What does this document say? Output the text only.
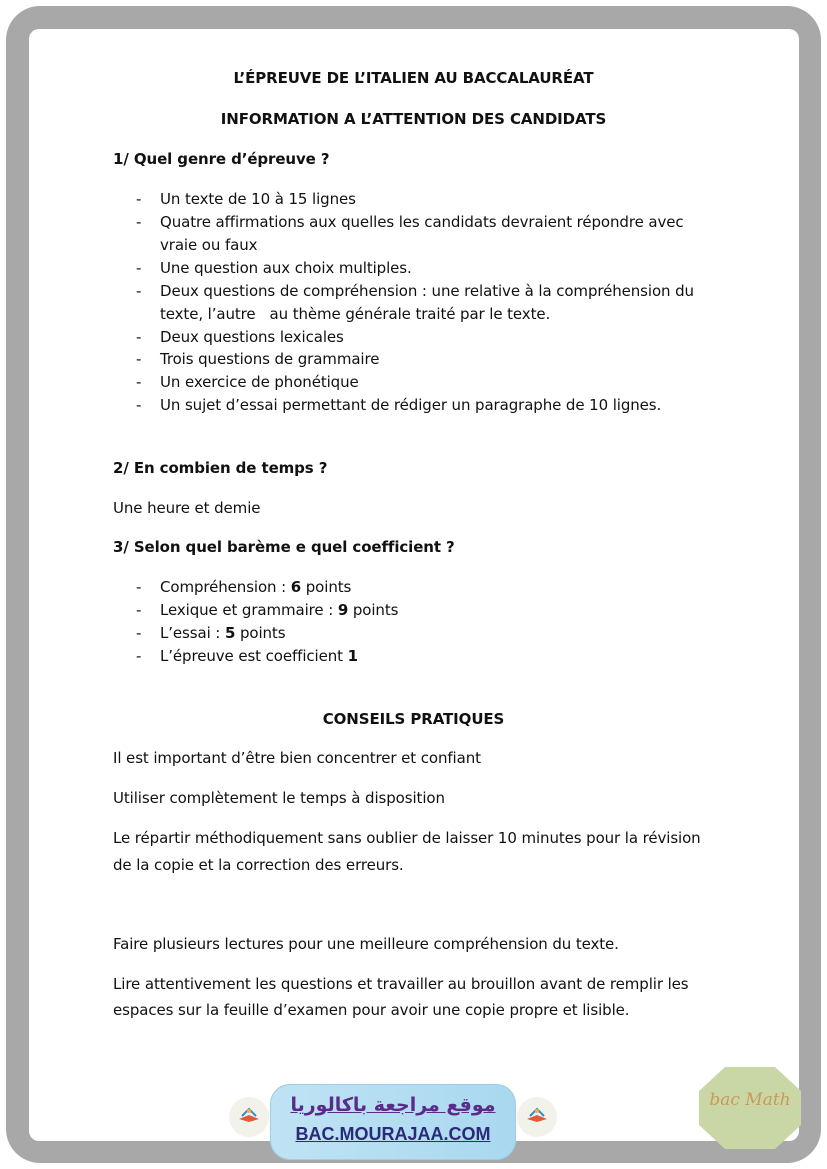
L’ÉPREUVE DE L’ITALIEN AU BACCALAURÉAT
INFORMATION A L’ATTENTION DES CANDIDATS
1/ Quel genre d’épreuve ?
- Un texte de 10 à 15 lignes
- Quatre affirmations aux quelles les candidats devraient répondre avec
vraie ou faux
- Une question aux choix multiples.
- Deux questions de compréhension : une relative à la compréhension du
texte, l’autre   au thème générale traité par le texte.
- Deux questions lexicales
- Trois questions de grammaire
- Un exercice de phonétique
- Un sujet d’essai permettant de rédiger un paragraphe de 10 lignes.
2/ En combien de temps ?
Une heure et demie
3/ Selon quel barème e quel coefficient ?
- Compréhension : 6 points
- Lexique et grammaire : 9 points
- L’essai : 5 points
- L’épreuve est coefficient 1
CONSEILS PRATIQUES
Il est important d’être bien concentrer et confiant
Utiliser complètement le temps à disposition
Le répartir méthodiquement sans oublier de laisser 10 minutes pour la révision
de la copie et la correction des erreurs.
Faire plusieurs lectures pour une meilleure compréhension du texte.
Lire attentivement les questions et travailler au brouillon avant de remplir les
espaces sur la feuille d’examen pour avoir une copie propre et lisible.
موقع مراجعة باكالوريا
BAC.MOURAJAA.COM
bac Math
